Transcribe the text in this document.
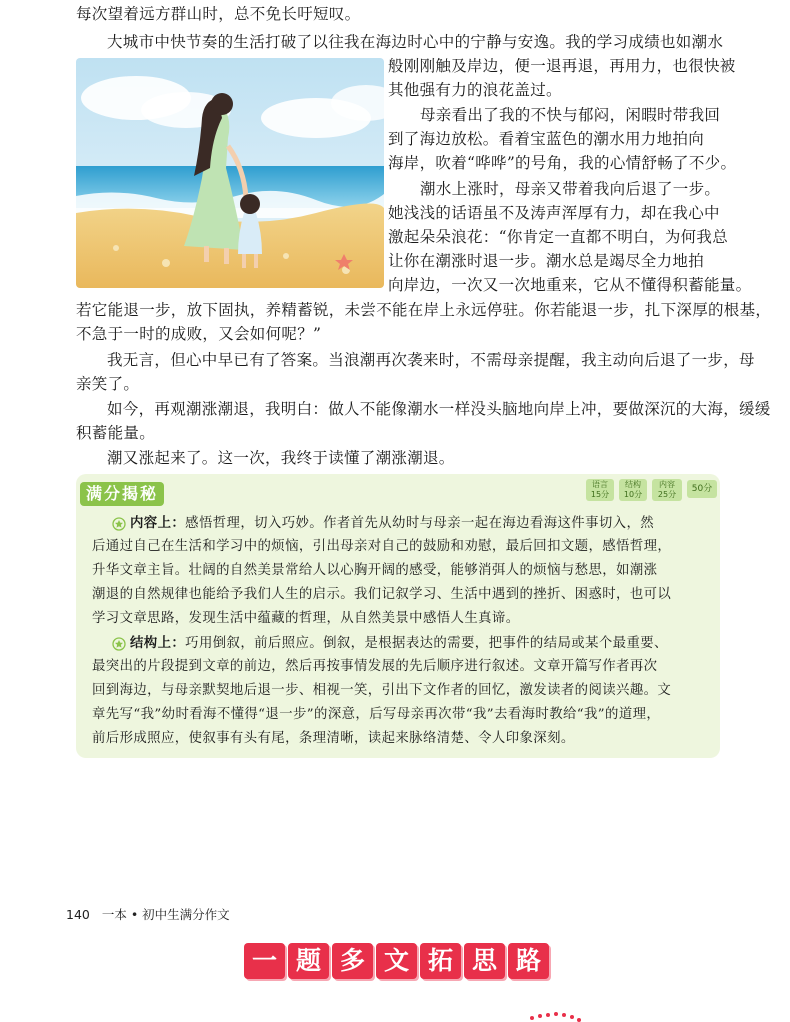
每次望着远方群山时，总不免长吁短叹。
大城市中快节奏的生活打破了以往我在海边时心中的宁静与安逸。我的学习成绩也如潮水
般刚刚触及岸边，便一退再退，再用力，也很快被
其他强有力的浪花盖过。
母亲看出了我的不快与郁闷，闲暇时带我回
到了海边放松。看着宝蓝色的潮水用力地拍向
海岸，吹着“哗哗”的号角，我的心情舒畅了不少。
潮水上涨时，母亲又带着我向后退了一步。
她浅浅的话语虽不及涛声浑厚有力，却在我心中
激起朵朵浪花：“你肯定一直都不明白，为何我总
让你在潮涨时退一步。潮水总是竭尽全力地拍
向岸边，一次又一次地重来，它从不懂得积蓄能量。
若它能退一步，放下固执，养精蓄锐，未尝不能在岸上永远停驻。你若能退一步，扎下深厚的根基，
不急于一时的成败，又会如何呢？”
我无言，但心中早已有了答案。当浪潮再次袭来时，不需母亲提醒，我主动向后退了一步，母
亲笑了。
如今，再观潮涨潮退，我明白：做人不能像潮水一样没头脑地向岸上冲，要做深沉的大海，缓缓
积蓄能量。
潮又涨起来了。这一次，我终于读懂了潮涨潮退。
满分揭秘	语言
15分
结构
10分
内容
25分
50分
内容上：感悟哲理，切入巧妙。作者首先从幼时与母亲一起在海边看海这件事切入，然
后通过自己在生活和学习中的烦恼，引出母亲对自己的鼓励和劝慰，最后回扣文题，感悟哲理，
升华文章主旨。壮阔的自然美景常给人以心胸开阔的感受，能够消弭人的烦恼与愁思，如潮涨
潮退的自然规律也能给予我们人生的启示。我们记叙学习、生活中遇到的挫折、困惑时，也可以
学习文章思路，发现生活中蕴藏的哲理，从自然美景中感悟人生真谛。
结构上：巧用倒叙，前后照应。倒叙，是根据表达的需要，把事件的结局或某个最重要、
最突出的片段提到文章的前边，然后再按事情发展的先后顺序进行叙述。文章开篇写作者再次
回到海边，与母亲默契地后退一步、相视一笑，引出下文作者的回忆，激发读者的阅读兴趣。文
章先写“我”幼时看海不懂得“退一步”的深意，后写母亲再次带“我”去看海时教给“我”的道理，
前后形成照应，使叙事有头有尾，条理清晰，读起来脉络清楚、令人印象深刻。
140 一本 • 初中生满分作文
一 题 多 文 拓 思 路
